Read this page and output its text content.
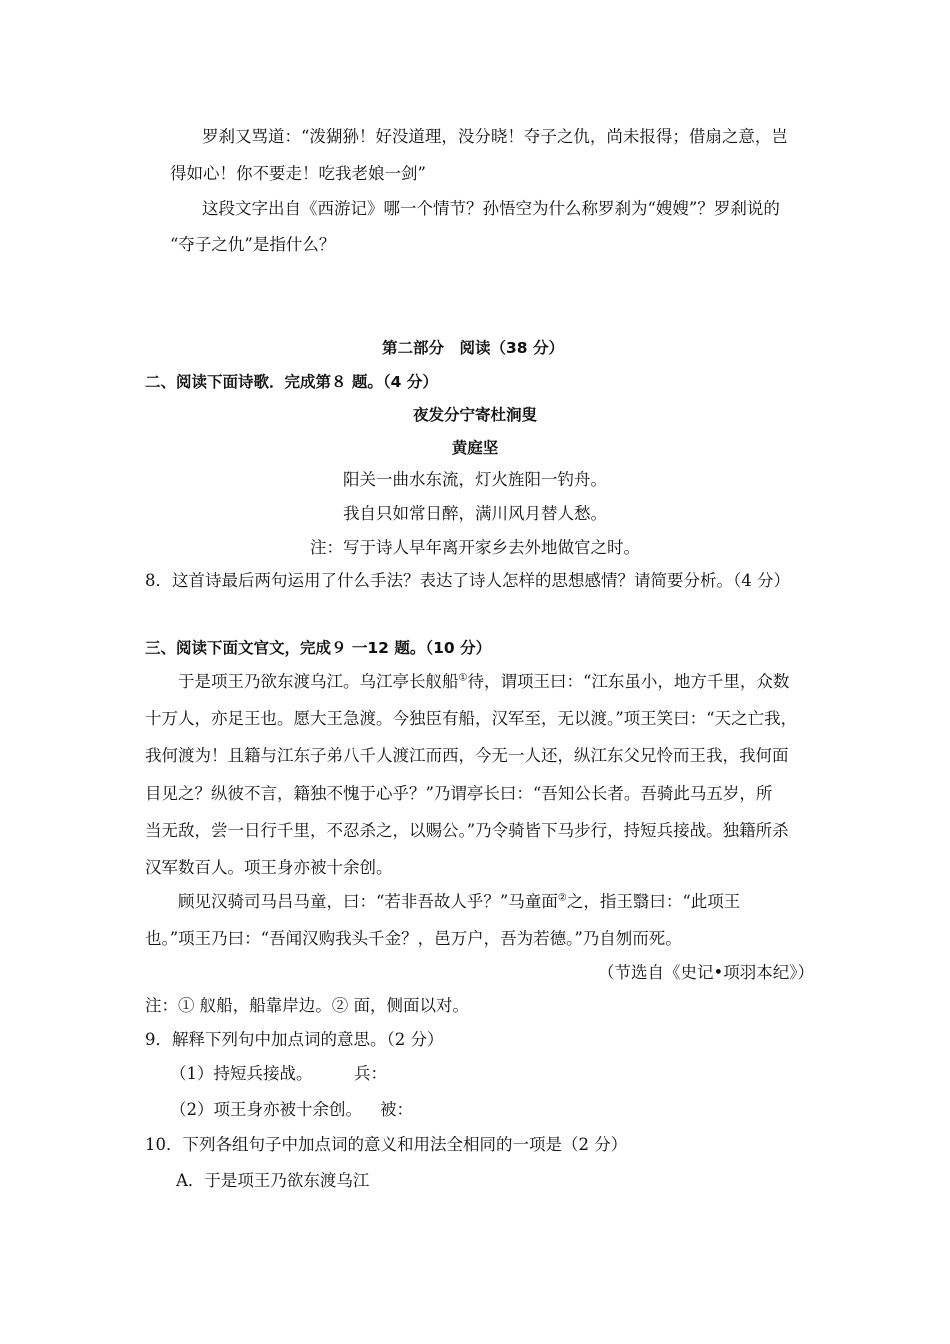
罗刹又骂道：“泼猢狲！好没道理，没分晓！夺子之仇，尚未报得；借扇之意，岂
得如心！你不要走！吃我老娘一剑”
这段文字出自《西游记》哪一个情节？孙悟空为什么称罗刹为“嫂嫂”？罗刹说的
“夺子之仇”是指什么？
第二部分　阅读（38 分）
二、阅读下面诗歌．完成第８ 题。（4 分）
夜发分宁寄杜涧叟
黄庭坚
阳关一曲水东流，灯火旌阳一钓舟。
我自只如常日醉，满川风月替人愁。
注：写于诗人早年离开家乡去外地做官之时。
8．这首诗最后两句运用了什么手法？表达了诗人怎样的思想感情？请简要分析。（4 分）
三、阅读下面文官文，完成９ 一12 题。（10 分）
于是项王乃欲东渡乌江。乌江亭长舣船①待，谓项王曰：“江东虽小，地方千里，众数
十万人，亦足王也。愿大王急渡。今独臣有船，汉军至，无以渡。”项王笑曰：“天之亡我，
我何渡为！且籍与江东子弟八千人渡江而西，今无一人还，纵江东父兄怜而王我，我何面
目见之？纵彼不言，籍独不愧于心乎？”乃谓亭长曰：“吾知公长者。吾骑此马五岁，所
当无敌，尝一日行千里，不忍杀之，以赐公。”乃令骑皆下马步行，持短兵接战。独籍所杀
汉军数百人。项王身亦被十余创。
顾见汉骑司马吕马童，曰：“若非吾故人乎？”马童面②之，指王翳曰：“此项王
也。”项王乃曰：“吾闻汉购我头千金？，邑万户，吾为若德。”乃自刎而死。
（节选自《史记•项羽本纪》）
注：① 舣船，船靠岸边。② 面，侧面以对。
9．解释下列句中加点词的意思。（2 分）
（1）持短兵接战。	兵：
（2）项王身亦被十余创。 被：
10．下列各组句子中加点词的意义和用法全相同的一项是（2 分）
A．于是项王乃欲东渡乌江
